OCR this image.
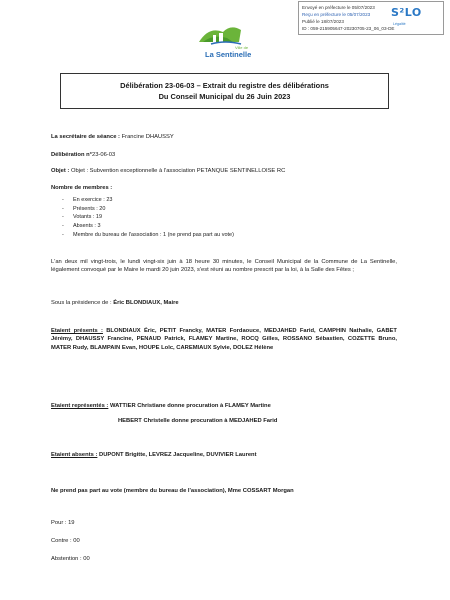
Envoyé en préfecture le 05/07/2023
Reçu en préfecture le 05/07/2023
Publié le 18/07/2023
ID : 059-215905647-20230705-23_06_03-DE
S²LO
Légalité
Ville de
La Sentinelle
Délibération 23-06-03 – Extrait du registre des délibérations
Du Conseil Municipal du 26 Juin 2023
La secrétaire de séance : Francine DHAUSSY
Délibération n°23-06-03
Objet : Objet : Subvention exceptionnelle à l'association PETANQUE SENTINELLOISE RC
Nombre de membres :
- En exercice : 23
- Présents : 20
- Votants : 19
- Absents : 3
- Membre du bureau de l'association : 1 (ne prend pas part au vote)
L'an deux mil vingt-trois, le lundi vingt-six juin à 18 heure 30 minutes, le Conseil Municipal de la Commune de La Sentinelle, légalement convoqué par le Maire le mardi 20 juin 2023, s'est réuni au nombre prescrit par la loi, à la Salle des Fêtes ;
Sous la présidence de : Éric BLONDIAUX, Maire
Etaient présents : BLONDIAUX Éric, PETIT Francky, MATER Fordaouce, MEDJAHED Farid, CAMPHIN Nathalie, GABET Jérémy, DHAUSSY Francine, PENAUD Patrick, FLAMEY Martine, ROCQ Gilles, ROSSANO Sébastien, COZETTE Bruno, MATER Rudy, BLAMPAIN Evan, HOUPE Loïc, CAREMIAUX Sylvie, DOLEZ Hélène
Etaient représentés : WATTIER Christiane donne procuration à FLAMEY Martine
HEBERT Christelle donne procuration à MEDJAHED Farid
Etaient absents : DUPONT Brigitte, LEVREZ Jacqueline, DUVIVIER Laurent
Ne prend pas part au vote (membre du bureau de l'association), Mme COSSART Morgan
Pour : 19
Contre : 00
Abstention : 00
